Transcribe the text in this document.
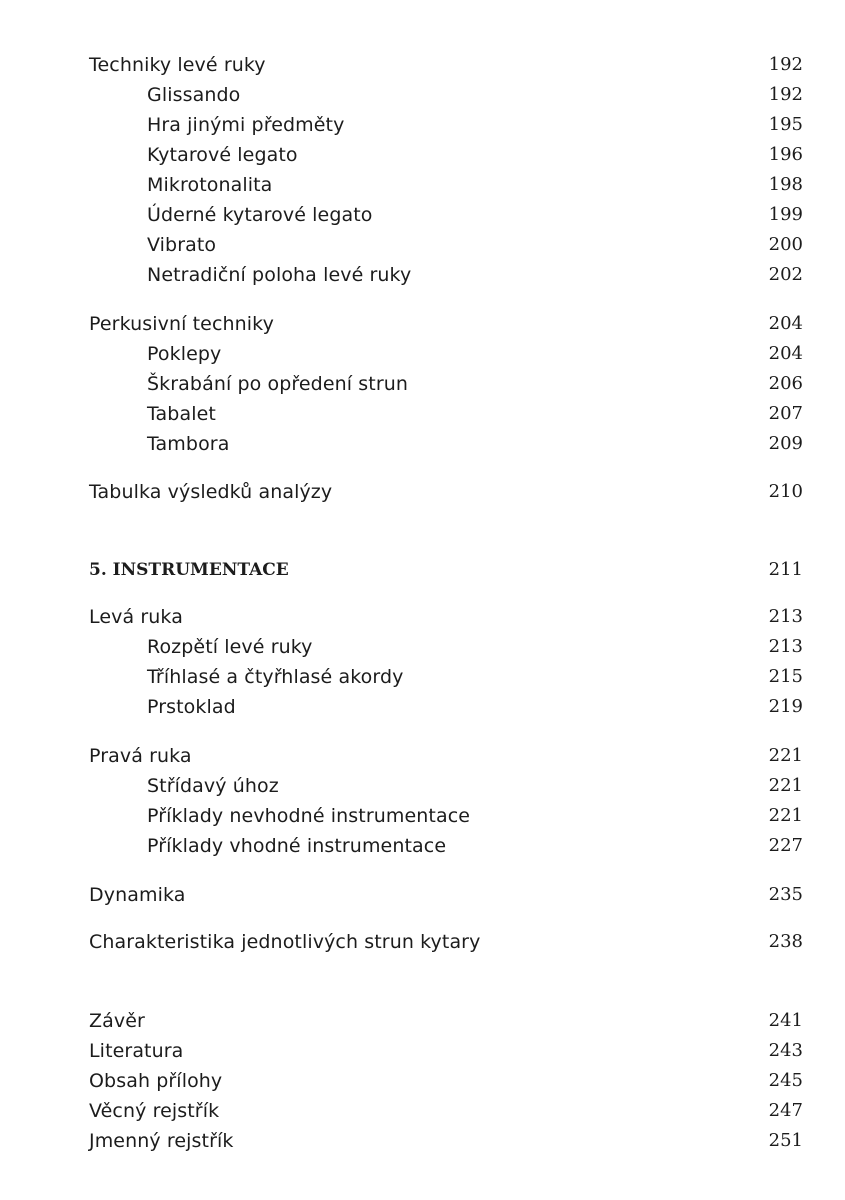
Techniky levé ruky	192
Glissando	192
Hra jinými předměty	195
Kytarové legato	196
Mikrotonalita	198
Úderné kytarové legato	199
Vibrato	200
Netradiční poloha levé ruky	202
Perkusivní techniky	204
Poklepy	204
Škrabání po opředení strun	206
Tabalet	207
Tambora	209
Tabulka výsledků analýzy	210
5. INSTRUMENTACE	211
Levá ruka	213
Rozpětí levé ruky	213
Tříhlasé a čtyřhlasé akordy	215
Prstoklad	219
Pravá ruka	221
Střídavý úhoz	221
Příklady nevhodné instrumentace	221
Příklady vhodné instrumentace	227
Dynamika	235
Charakteristika jednotlivých strun kytary	238
Závěr	241
Literatura	243
Obsah přílohy	245
Věcný rejstřík	247
Jmenný rejstřík	251
